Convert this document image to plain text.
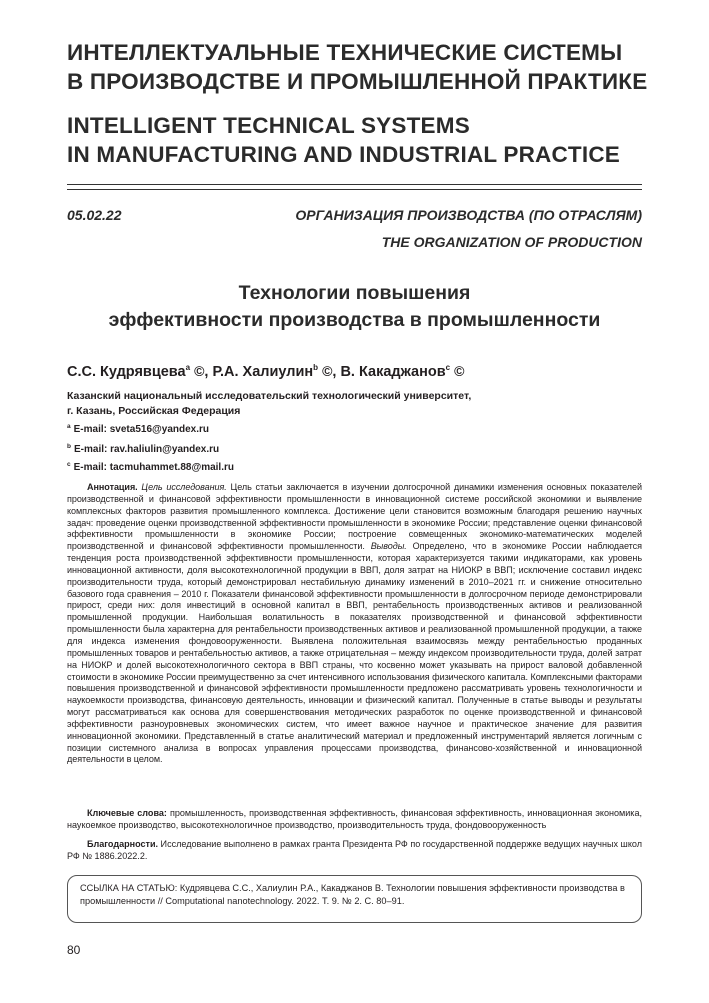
ИНТЕЛЛЕКТУАЛЬНЫЕ ТЕХНИЧЕСКИЕ СИСТЕМЫ
В ПРОИЗВОДСТВЕ И ПРОМЫШЛЕННОЙ ПРАКТИКЕ
INTELLIGENT TECHNICAL SYSTEMS
IN MANUFACTURING AND INDUSTRIAL PRACTICE
05.02.22	ОРГАНИЗАЦИЯ ПРОИЗВОДСТВА (ПО ОТРАСЛЯМ)
THE ORGANIZATION OF PRODUCTION
Технологии повышения
эффективности производства в промышленности
С.С. Кудрявцева$^a$ ©, Р.А. Халиулин$^b$ ©, В. Какаджанов$^c$ ©
Казанский национальный исследовательский технологический университет,
г. Казань, Российская Федерация
$^a$ E-mail: sveta516@yandex.ru
$^b$ E-mail: rav.haliulin@yandex.ru
$^c$ E-mail: tacmuhammet.88@mail.ru
Аннотация. Цель исследования. Цель статьи заключается в изучении долгосрочной динамики изменения основных показателей производственной и финансовой эффективности промышленности в инновационной системе российской экономики и выявление комплексных факторов развития промышленного комплекса. Достижение цели становится возможным благодаря решению научных задач: проведение оценки производственной эффективности промышленности в экономике России; представление оценки финансовой эффективности промышленности в экономике России; построение совмещенных экономико-математических моделей производственной и финансовой эффективности промышленности. Выводы. Определено, что в экономике России наблюдается тенденция роста производственной эффективности промышленности, которая характеризуется такими индикаторами, как уровень инновационной активности, доля высокотехнологичной продукции в ВВП, доля затрат на НИОКР в ВВП; исключение составил индекс производительности труда, который демонстрировал нестабильную динамику изменений в 2010–2021 гг. и снижение относительно базового года сравнения – 2010 г. Показатели финансовой эффективности промышленности в долгосрочном периоде демонстрировали прирост, среди них: доля инвестиций в основной капитал в ВВП, рентабельность производственных активов и реализованной промышленной продукции. Наибольшая волатильность в показателях производственной и финансовой эффективности промышленности была характерна для рентабельности производственных активов и реализованной промышленной продукции, а также для индекса изменения фондовооруженности. Выявлена положительная взаимосвязь между рентабельностью проданных промышленных товаров и рентабельностью активов, а также отрицательная – между индексом производительности труда, долей затрат на НИОКР и долей высокотехнологичного сектора в ВВП страны, что косвенно может указывать на прирост валовой добавленной стоимости в экономике России преимущественно за счет интенсивного использования физического капитала. Комплексными факторами повышения производственной и финансовой эффективности промышленности предложено рассматривать уровень технологичности и наукоемкости производства, финансовую деятельность, инновации и физический капитал. Полученные в статье выводы и результаты могут рассматриваться как основа для совершенствования методических разработок по оценке производственной и финансовой эффективности разноуровневых экономических систем, что имеет важное научное и практическое значение для развития инновационной экономики. Представленный в статье аналитический материал и предложенный инструментарий является логичным с позиции системного анализа в вопросах управления процессами производства, финансово-хозяйственной и инновационной деятельности в целом.
Ключевые слова: промышленность, производственная эффективность, финансовая эффективность, инновационная экономика, наукоемкое производство, высокотехнологичное производство, производительность труда, фондовооруженность
Благодарности. Исследование выполнено в рамках гранта Президента РФ по государственной поддержке ведущих научных школ РФ № 1886.2022.2.
ССЫЛКА НА СТАТЬЮ: Кудрявцева С.С., Халиулин Р.А., Какаджанов В. Технологии повышения эффективности производства в промышленности // Computational nanotechnology. 2022. Т. 9. № 2. С. 80–91.
80
